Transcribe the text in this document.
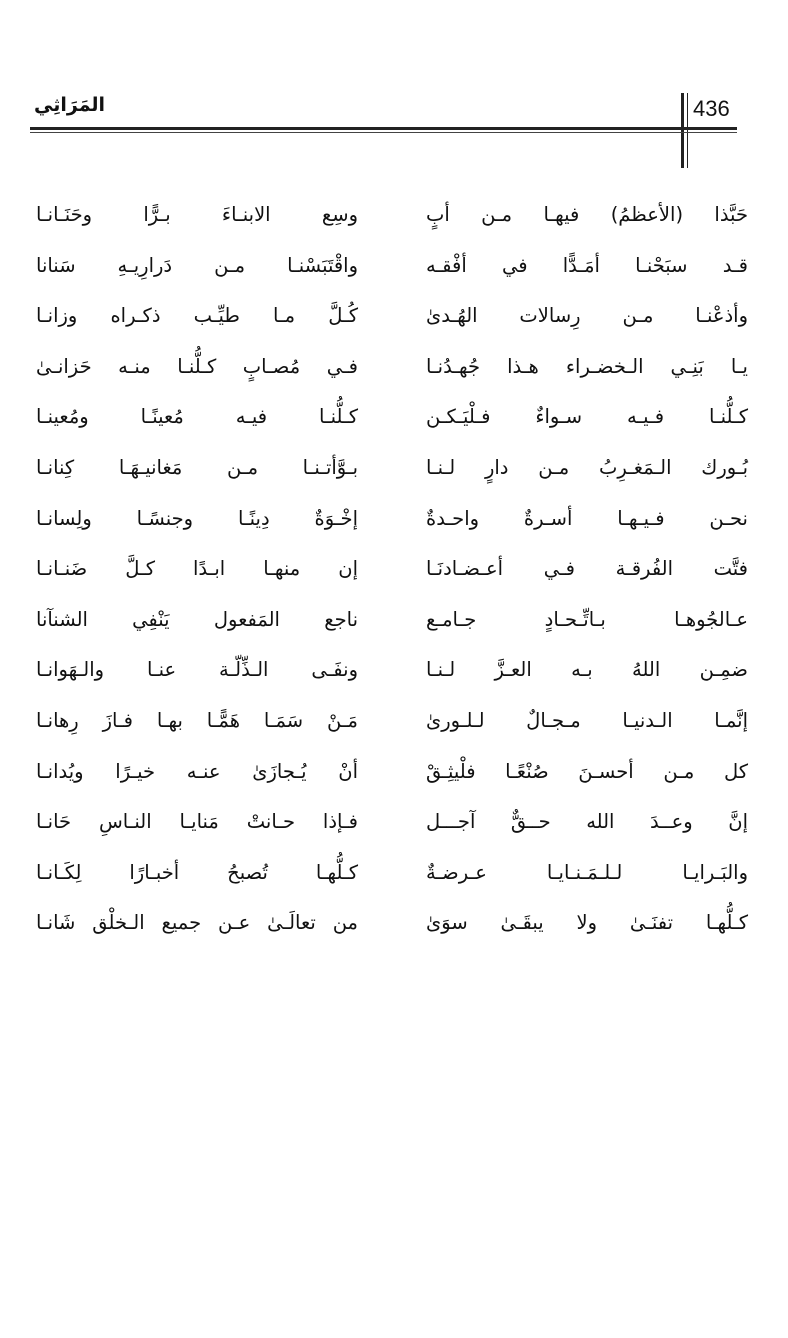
436
المَرَاثِي
حَبَّذا (الأعظمُ) فيهـا مـن أبٍ
وسِع الابنـاءَ بـرًّا وحَنَـانـا
قـد سبَحْنـا أمَـدًّا في أفْقـه
واقْتَبَسْنـا مـن دَرارِيـهِ سَنانا
وأذعْنـا مـن رِسالات الهُـدىٰ
كُـلَّ مـا طيِّـب ذكـراه وزانـا
يـا بَنِـي الـخضـراء هـذا جُهـدُنـا
فـي مُصـابٍ كـلُّنـا منـه حَزانـىٰ
كـلُّنـا فـيـه سـواءٌ فـلْيَـكـن
كـلُّنـا فيـه مُعينًـا ومُعينـا
بُـورك الـمَغـرِبُ مـن دارٍ لـنـا
بـوَّأتـنـا مـن مَغانيـهَـا كِنانـا
نحـن فـيـهـا أسـرةٌ واحـدةٌ
إخْـوَةٌ دِينًـا وجنسًـا ولِسانـا
فتَّت الفُرقـة فـي أعـضـادنَـا
إن منهـا ابـدًا كـلَّ ضَنـانـا
عـالجُوهـا بـاتِّـحـادٍ جـامـع
ناجع المَفعول يَنْفِي الشنآنا
ضمِـن اللهُ بـه العـزَّ لـنـا
ونفَـى الـذِّلّـة عنـا والـهَوانـا
إنَّمـا الـدنيـا مـجـالٌ لـلـورىٰ
مَـنْ سَمَـا هَمًّـا بهـا فـازَ رِهانـا
كل مـن أحسـنَ صُنْعًـا فلْيثِـقْ
أنْ يُـجازَىٰ عنـه خيـرًا ويُدانـا
إنَّ وعــدَ الله حــقٌّ آجـــل
فـإذا حـانتْ مَنايـا النـاسِ حَانـا
والبَـرايـا لـلـمَـنـايـا عـرضـةٌ
كـلُّهـا تُصبحُ أخبـارًا لِكَـانـا
كـلُّهـا تفنَـىٰ ولا يبقَـىٰ سوَىٰ
من تعالَـىٰ عـن جميع الـخلْق شَانـا
